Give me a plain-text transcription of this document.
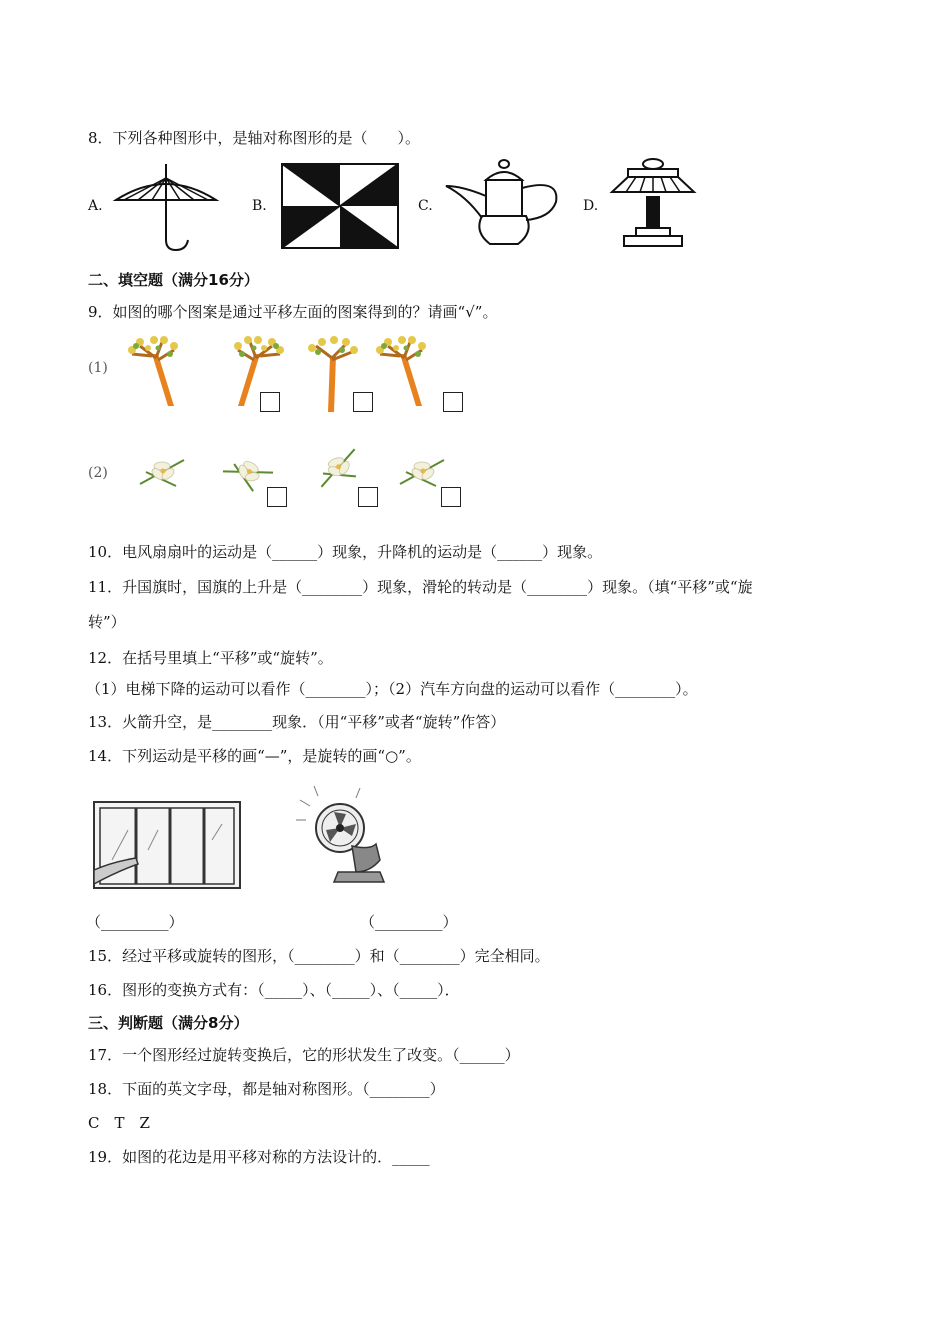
8．下列各种图形中，是轴对称图形的是（　　）。
A.	B.	C.	D.
二、填空题（满分16分）
9．如图的哪个图案是通过平移左面的图案得到的？请画“√”。
(1)
(2)
10．电风扇扇叶的运动是（______）现象，升降机的运动是（______）现象。
11．升国旗时，国旗的上升是（________）现象，滑轮的转动是（________）现象。（填“平移”或“旋
转”）
12．在括号里填上“平移”或“旋转”。
（1）电梯下降的运动可以看作（________）；（2）汽车方向盘的运动可以看作（________）。
13．火箭升空，是________现象．（用“平移”或者“旋转”作答）
14．下列运动是平移的画“—”，是旋转的画“○”。
（_________）	（_________）
15．经过平移或旋转的图形，（________）和（________）完全相同。
16．图形的变换方式有：（_____）、（_____）、（_____）．
三、判断题（满分8分）
17．一个图形经过旋转变换后，它的形状发生了改变。（______）
18．下面的英文字母，都是轴对称图形。（________）
C　T　Z
19．如图的花边是用平移对称的方法设计的．_____
